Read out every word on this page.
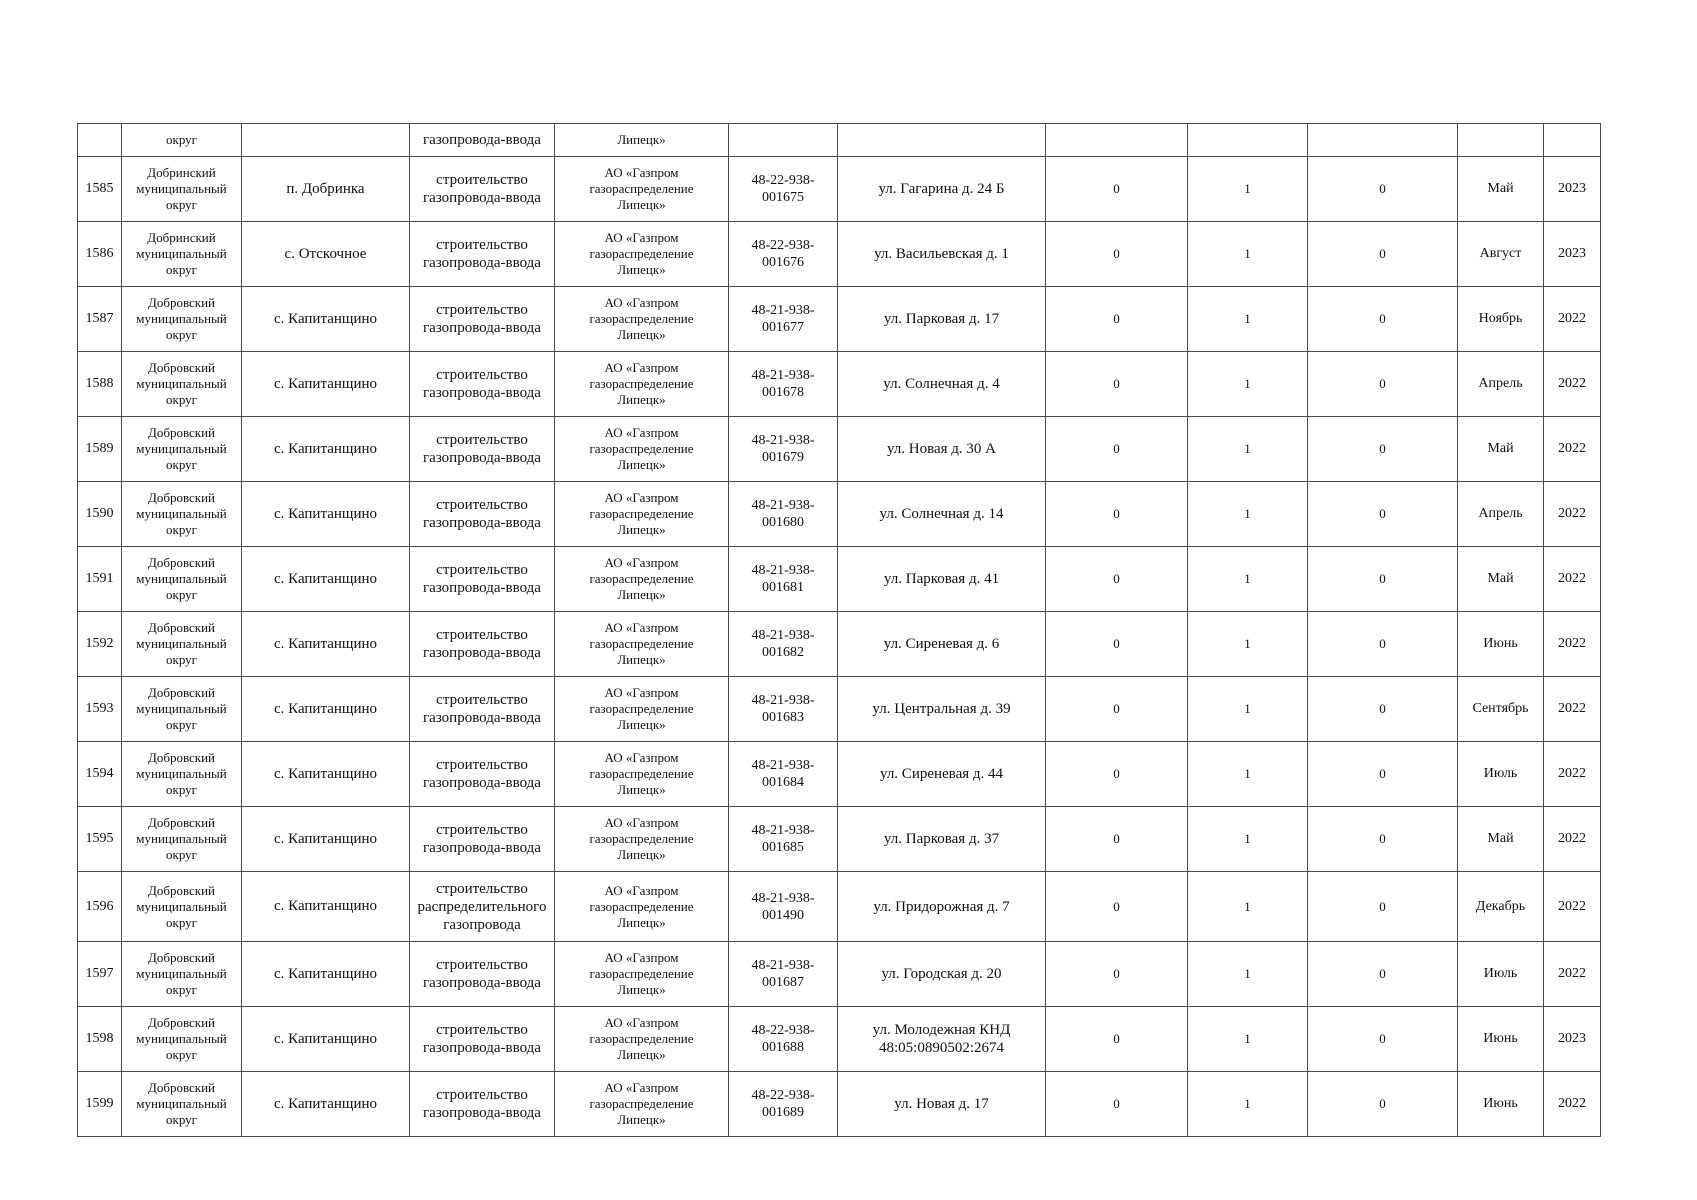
	округ		газопровода-ввода	Липецк»							
1585	Добринский
муниципальный
округ	п. Добринка	строительство
газопровода-ввода	АО «Газпром
газораспределение
Липецк»	48-22-938-
001675	ул. Гагарина д. 24 Б	0	1	0	Май	2023
1586	Добринский
муниципальный
округ	с. Отскочное	строительство
газопровода-ввода	АО «Газпром
газораспределение
Липецк»	48-22-938-
001676	ул. Васильевская д. 1	0	1	0	Август	2023
1587	Добровский
муниципальный
округ	с. Капитанщино	строительство
газопровода-ввода	АО «Газпром
газораспределение
Липецк»	48-21-938-
001677	ул. Парковая д. 17	0	1	0	Ноябрь	2022
1588	Добровский
муниципальный
округ	с. Капитанщино	строительство
газопровода-ввода	АО «Газпром
газораспределение
Липецк»	48-21-938-
001678	ул. Солнечная д. 4	0	1	0	Апрель	2022
1589	Добровский
муниципальный
округ	с. Капитанщино	строительство
газопровода-ввода	АО «Газпром
газораспределение
Липецк»	48-21-938-
001679	ул. Новая д. 30 А	0	1	0	Май	2022
1590	Добровский
муниципальный
округ	с. Капитанщино	строительство
газопровода-ввода	АО «Газпром
газораспределение
Липецк»	48-21-938-
001680	ул. Солнечная д. 14	0	1	0	Апрель	2022
1591	Добровский
муниципальный
округ	с. Капитанщино	строительство
газопровода-ввода	АО «Газпром
газораспределение
Липецк»	48-21-938-
001681	ул. Парковая д. 41	0	1	0	Май	2022
1592	Добровский
муниципальный
округ	с. Капитанщино	строительство
газопровода-ввода	АО «Газпром
газораспределение
Липецк»	48-21-938-
001682	ул. Сиреневая д. 6	0	1	0	Июнь	2022
1593	Добровский
муниципальный
округ	с. Капитанщино	строительство
газопровода-ввода	АО «Газпром
газораспределение
Липецк»	48-21-938-
001683	ул. Центральная д. 39	0	1	0	Сентябрь	2022
1594	Добровский
муниципальный
округ	с. Капитанщино	строительство
газопровода-ввода	АО «Газпром
газораспределение
Липецк»	48-21-938-
001684	ул. Сиреневая д. 44	0	1	0	Июль	2022
1595	Добровский
муниципальный
округ	с. Капитанщино	строительство
газопровода-ввода	АО «Газпром
газораспределение
Липецк»	48-21-938-
001685	ул. Парковая д. 37	0	1	0	Май	2022
1596	Добровский
муниципальный
округ	с. Капитанщино	строительство
распределительного
газопровода	АО «Газпром
газораспределение
Липецк»	48-21-938-
001490	ул. Придорожная д. 7	0	1	0	Декабрь	2022
1597	Добровский
муниципальный
округ	с. Капитанщино	строительство
газопровода-ввода	АО «Газпром
газораспределение
Липецк»	48-21-938-
001687	ул. Городская д. 20	0	1	0	Июль	2022
1598	Добровский
муниципальный
округ	с. Капитанщино	строительство
газопровода-ввода	АО «Газпром
газораспределение
Липецк»	48-22-938-
001688	ул. Молодежная КНД
48:05:0890502:2674	0	1	0	Июнь	2023
1599	Добровский
муниципальный
округ	с. Капитанщино	строительство
газопровода-ввода	АО «Газпром
газораспределение
Липецк»	48-22-938-
001689	ул. Новая д. 17	0	1	0	Июнь	2022
